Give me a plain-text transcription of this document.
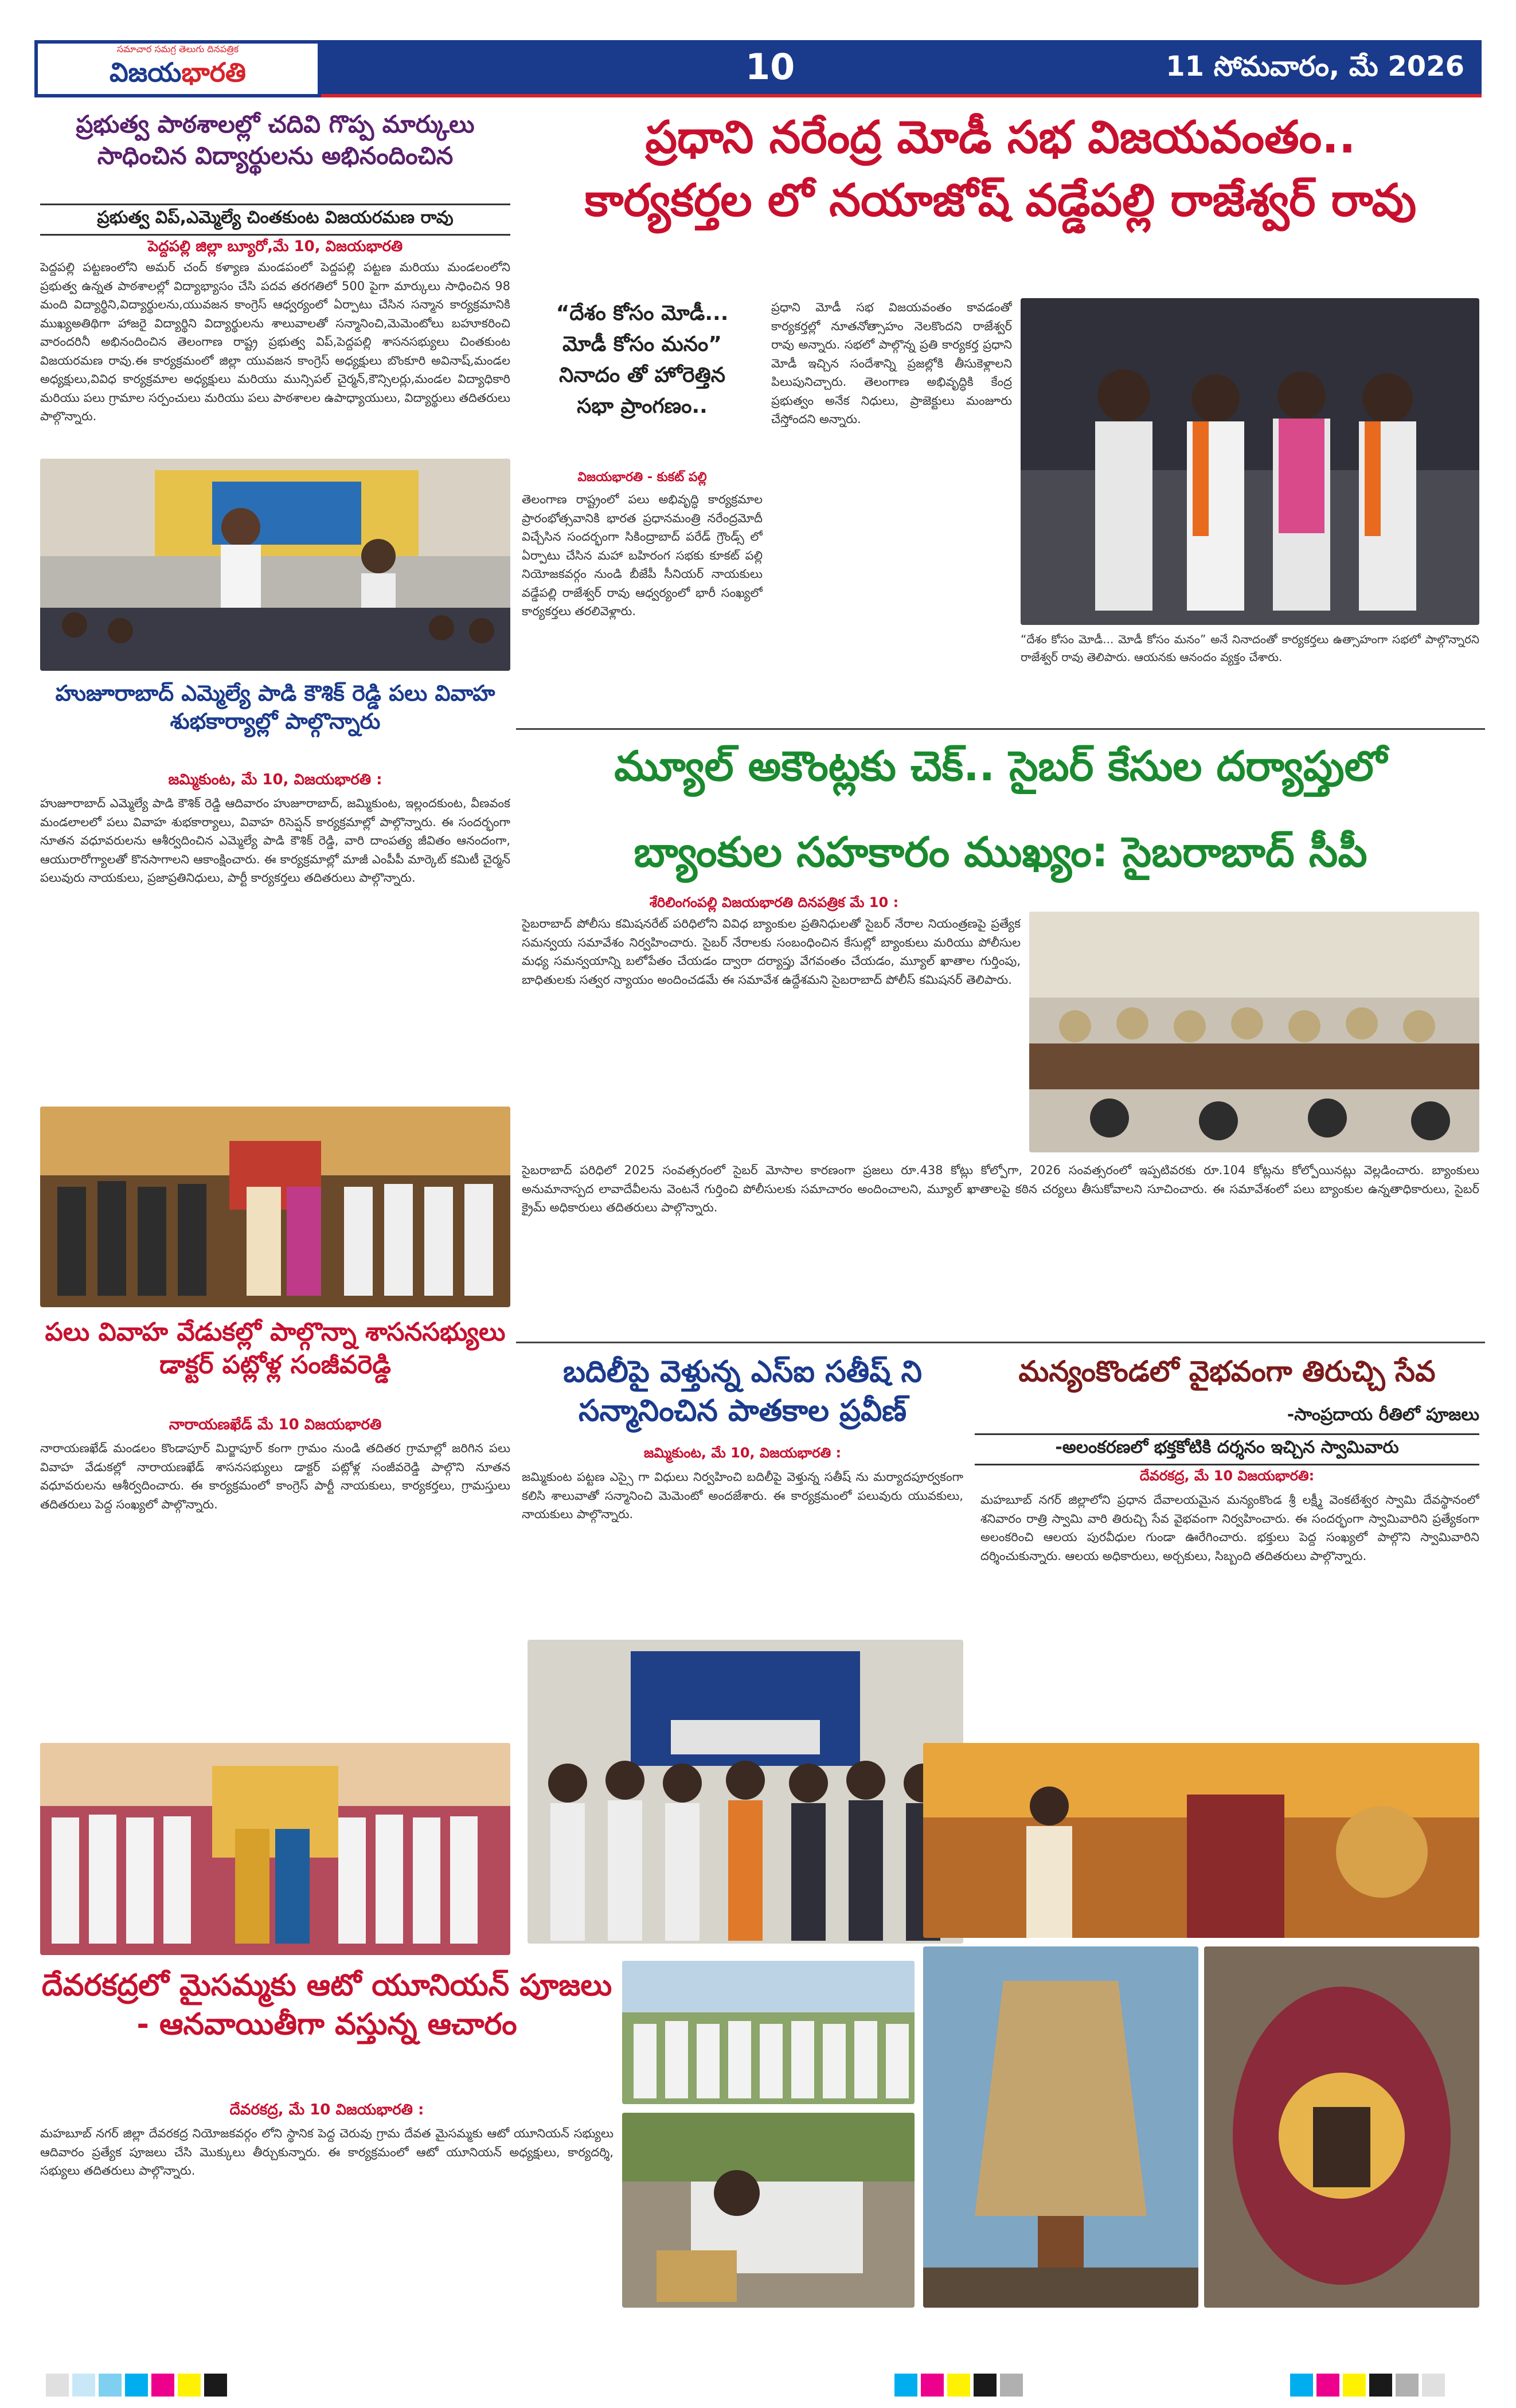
సమాచార సమగ్ర తెలుగు దినపత్రిక
విజయభారతి	10	11 సోమవారం, మే 2026
ప్రభుత్వ పాఠశాలల్లో చదివి గొప్ప మార్కులు సాధించిన విద్యార్థులను అభినందించిన
ప్రభుత్వ విప్,ఎమ్మెల్యే చింతకుంట విజయరమణ రావు
పెద్దపల్లి జిల్లా బ్యూరో,మే 10, విజయభారతి
పెద్దపల్లి పట్టణంలోని అమర్ చంద్ కళ్యాణ మండపంలో పెద్దపల్లి పట్టణ మరియు మండలంలోని ప్రభుత్వ ఉన్నత పాఠశాలల్లో విద్యాభ్యాసం చేసి పదవ తరగతిలో 500 పైగా మార్కులు సాధించిన 98 మంది విద్యార్థిని,విద్యార్థులను,యువజన కాంగ్రెస్ ఆధ్వర్యంలో ఏర్పాటు చేసిన సన్మాన కార్యక్రమానికి ముఖ్యఅతిథిగా హాజరై విద్యార్థిని విద్యార్థులను శాలువాలతో సన్మానించి,మెమెంటోలు బహూకరించి వారందరినీ అభినందించిన తెలంగాణ రాష్ట్ర ప్రభుత్వ విప్,పెద్దపల్లి శాసనసభ్యులు చింతకుంట విజయరమణ రావు.ఈ కార్యక్రమంలో జిల్లా యువజన కాంగ్రెస్ అధ్యక్షులు బొంకూరి అవినాష్,మండల అధ్యక్షులు,వివిధ కార్యక్రమాల అధ్యక్షులు మరియు మున్సిపల్ చైర్మన్,కౌన్సిలర్లు,మండల విద్యాధికారి మరియు పలు గ్రామాల సర్పంచులు మరియు పలు పాఠశాలల ఉపాధ్యాయులు, విద్యార్థులు తదితరులు పాల్గొన్నారు.
హుజూరాబాద్ ఎమ్మెల్యే పాడి కౌశిక్ రెడ్డి పలు వివాహ శుభకార్యాల్లో పాల్గొన్నారు
జమ్మికుంట, మే 10, విజయభారతి :
హుజూరాబాద్ ఎమ్మెల్యే పాడి కౌశిక్ రెడ్డి ఆదివారం హుజూరాబాద్, జమ్మికుంట, ఇల్లందకుంట, వీణవంక మండలాలలో పలు వివాహ శుభకార్యాలు, వివాహ రిసెప్షన్ కార్యక్రమాల్లో పాల్గొన్నారు. ఈ సందర్భంగా నూతన వధూవరులను ఆశీర్వదించిన ఎమ్మెల్యే పాడి కౌశిక్ రెడ్డి, వారి దాంపత్య జీవితం ఆనందంగా, ఆయురారోగ్యాలతో కొనసాగాలని ఆకాంక్షించారు. ఈ కార్యక్రమాల్లో మాజీ ఎంపీపీ మార్కెట్ కమిటీ చైర్మన్ పలువురు నాయకులు, ప్రజాప్రతినిధులు, పార్టీ కార్యకర్తలు తదితరులు పాల్గొన్నారు.
పలు వివాహ వేడుకల్లో పాల్గొన్నా శాసనసభ్యులు డాక్టర్ పట్లోళ్ల సంజీవరెడ్డి
నారాయణఖేడ్ మే 10 విజయభారతి
నారాయణఖేడ్ మండలం కొండాపూర్ మిర్జాపూర్ కంగా గ్రామం నుండి తదితర గ్రామాల్లో జరిగిన పలు వివాహ వేడుకల్లో నారాయణఖేడ్ శాసనసభ్యులు డాక్టర్ పట్లోళ్ల సంజీవరెడ్డి పాల్గొని నూతన వధూవరులను ఆశీర్వదించారు. ఈ కార్యక్రమంలో కాంగ్రెస్ పార్టీ నాయకులు, కార్యకర్తలు, గ్రామస్తులు తదితరులు పెద్ద సంఖ్యలో పాల్గొన్నారు.
దేవరకద్రలో మైసమ్మకు ఆటో యూనియన్ పూజలు - ఆనవాయితీగా వస్తున్న ఆచారం
దేవరకద్ర, మే 10 విజయభారతి :
మహబూబ్ నగర్ జిల్లా దేవరకద్ర నియోజకవర్గం లోని స్థానిక పెద్ద చెరువు గ్రామ దేవత మైసమ్మకు ఆటో యూనియన్ సభ్యులు ఆదివారం ప్రత్యేక పూజలు చేసి మొక్కులు తీర్చుకున్నారు. ఈ కార్యక్రమంలో ఆటో యూనియన్ అధ్యక్షులు, కార్యదర్శి, సభ్యులు తదితరులు పాల్గొన్నారు.
ప్రధాని నరేంద్ర మోడీ సభ విజయవంతం..
కార్యకర్తల లో నయాజోష్ వడ్డేపల్లి రాజేశ్వర్ రావు
“దేశం కోసం మోడీ...
మోడీ కోసం మనం”
నినాదం తో హోరెత్తిన
సభా ప్రాంగణం..
విజయభారతి - కుకట్ పల్లి
తెలంగాణ రాష్ట్రంలో పలు అభివృద్ధి కార్యక్రమాల ప్రారంభోత్సవానికి భారత ప్రధానమంత్రి నరేంద్రమోదీ విచ్చేసిన సందర్భంగా సికింద్రాబాద్ పరేడ్ గ్రౌండ్స్ లో ఏర్పాటు చేసిన మహా బహిరంగ సభకు కూకట్ పల్లి నియోజకవర్గం నుండి బీజేపీ సీనియర్ నాయకులు వడ్డేపల్లి రాజేశ్వర్ రావు ఆధ్వర్యంలో భారీ సంఖ్యలో కార్యకర్తలు తరలివెళ్లారు.
ప్రధాని మోడీ సభ విజయవంతం కావడంతో కార్యకర్తల్లో నూతనోత్సాహం నెలకొందని రాజేశ్వర్ రావు అన్నారు. సభలో పాల్గొన్న ప్రతి కార్యకర్త ప్రధాని మోడీ ఇచ్చిన సందేశాన్ని ప్రజల్లోకి తీసుకెళ్లాలని పిలుపునిచ్చారు. తెలంగాణ అభివృద్ధికి కేంద్ర ప్రభుత్వం అనేక నిధులు, ప్రాజెక్టులు మంజూరు చేస్తోందని అన్నారు.
“దేశం కోసం మోడీ... మోడీ కోసం మనం” అనే నినాదంతో కార్యకర్తలు ఉత్సాహంగా సభలో పాల్గొన్నారని రాజేశ్వర్ రావు తెలిపారు. ఆయనకు ఆనందం వ్యక్తం చేశారు.
మ్యూల్ అకౌంట్లకు చెక్.. సైబర్ కేసుల దర్యాప్తులో
బ్యాంకుల సహకారం ముఖ్యం: సైబరాబాద్ సీపీ
శేరిలింగంపల్లి విజయభారతి దినపత్రిక మే 10 :
సైబరాబాద్ పోలీసు కమిషనరేట్ పరిధిలోని వివిధ బ్యాంకుల ప్రతినిధులతో సైబర్ నేరాల నియంత్రణపై ప్రత్యేక సమన్వయ సమావేశం నిర్వహించారు. సైబర్ నేరాలకు సంబంధించిన కేసుల్లో బ్యాంకులు మరియు పోలీసుల మధ్య సమన్వయాన్ని బలోపేతం చేయడం ద్వారా దర్యాప్తు వేగవంతం చేయడం, మ్యూల్ ఖాతాల గుర్తింపు, బాధితులకు సత్వర న్యాయం అందించడమే ఈ సమావేశ ఉద్దేశమని సైబరాబాద్ పోలీస్ కమిషనర్ తెలిపారు.
సైబరాబాద్ పరిధిలో 2025 సంవత్సరంలో సైబర్ మోసాల కారణంగా ప్రజలు రూ.438 కోట్లు కోల్పోగా, 2026 సంవత్సరంలో ఇప్పటివరకు రూ.104 కోట్లను కోల్పోయినట్లు వెల్లడించారు. బ్యాంకులు అనుమానాస్పద లావాదేవీలను వెంటనే గుర్తించి పోలీసులకు సమాచారం అందించాలని, మ్యూల్ ఖాతాలపై కఠిన చర్యలు తీసుకోవాలని సూచించారు. ఈ సమావేశంలో పలు బ్యాంకుల ఉన్నతాధికారులు, సైబర్ క్రైమ్ అధికారులు తదితరులు పాల్గొన్నారు.
బదిలీపై వెళ్తున్న ఎస్ఐ సతీష్ ని సన్మానించిన పాతకాల ప్రవీణ్
జమ్మికుంట, మే 10, విజయభారతి :
జమ్మికుంట పట్టణ ఎస్సై గా విధులు నిర్వహించి బదిలీపై వెళ్తున్న సతీష్ ను మర్యాదపూర్వకంగా కలిసి శాలువాతో సన్మానించి మెమెంటో అందజేశారు. ఈ కార్యక్రమంలో పలువురు యువకులు, నాయకులు పాల్గొన్నారు.
మన్యంకొండలో వైభవంగా తిరుచ్చి సేవ
-సాంప్రదాయ రీతిలో పూజలు
-అలంకరణలో భక్తకోటికి దర్శనం ఇచ్చిన స్వామివారు
దేవరకద్ర, మే 10 విజయభారతి:
మహబూబ్ నగర్ జిల్లాలోని ప్రధాన దేవాలయమైన మన్యంకొండ శ్రీ లక్ష్మీ వెంకటేశ్వర స్వామి దేవస్థానంలో శనివారం రాత్రి స్వామి వారి తిరుచ్చి సేవ వైభవంగా నిర్వహించారు. ఈ సందర్భంగా స్వామివారిని ప్రత్యేకంగా అలంకరించి ఆలయ పురవీధుల గుండా ఊరేగించారు. భక్తులు పెద్ద సంఖ్యలో పాల్గొని స్వామివారిని దర్శించుకున్నారు. ఆలయ అధికారులు, అర్చకులు, సిబ్బంది తదితరులు పాల్గొన్నారు.
